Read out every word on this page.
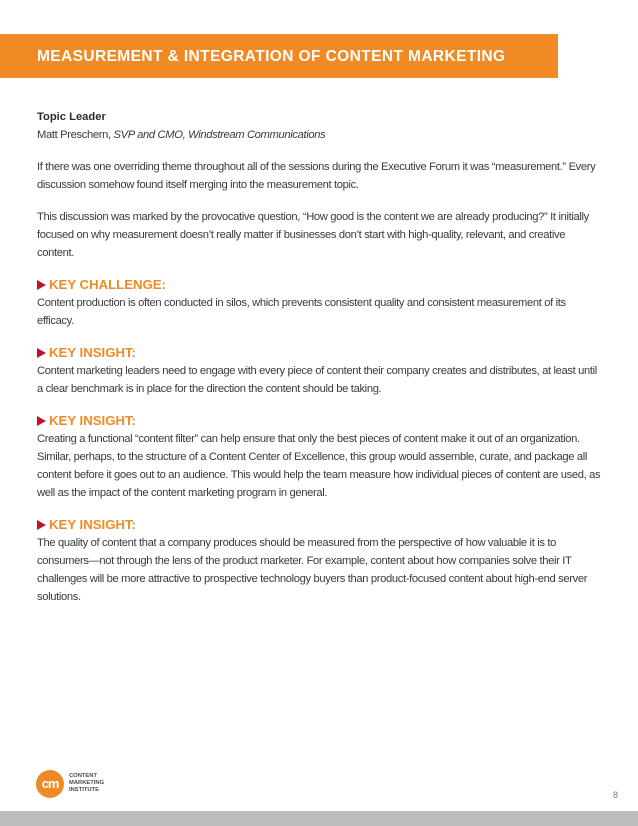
MEASUREMENT & INTEGRATION OF CONTENT MARKETING
Topic Leader
Matt Preschern, SVP and CMO, Windstream Communications

If there was one overriding theme throughout all of the sessions during the Executive Forum it was “measurement.” Every discussion somehow found itself merging into the measurement topic.

This discussion was marked by the provocative question, “How good is the content we are already producing?” It initially focused on why measurement doesn’t really matter if businesses don’t start with high-quality, relevant, and creative content.

KEY CHALLENGE:

Content production is often conducted in silos, which prevents consistent quality and consistent measurement of its efficacy.

KEY INSIGHT:

Content marketing leaders need to engage with every piece of content their company creates and distributes, at least until a clear benchmark is in place for the direction the content should be taking.

KEY INSIGHT:

Creating a functional “content filter” can help ensure that only the best pieces of content make it out of an organization. Similar, perhaps, to the structure of a Content Center of Excellence, this group would assemble, curate, and package all content before it goes out to an audience. This would help the team measure how individual pieces of content are used, as well as the impact of the content marketing program in general.

KEY INSIGHT:

The quality of content that a company produces should be measured from the perspective of how valuable it is to consumers—not through the lens of the product marketer. For example, content about how companies solve their IT challenges will be more attractive to prospective technology buyers than product-focused content about high-end server solutions.

cm	CONTENT
MARKETING
INSTITUTE	8
